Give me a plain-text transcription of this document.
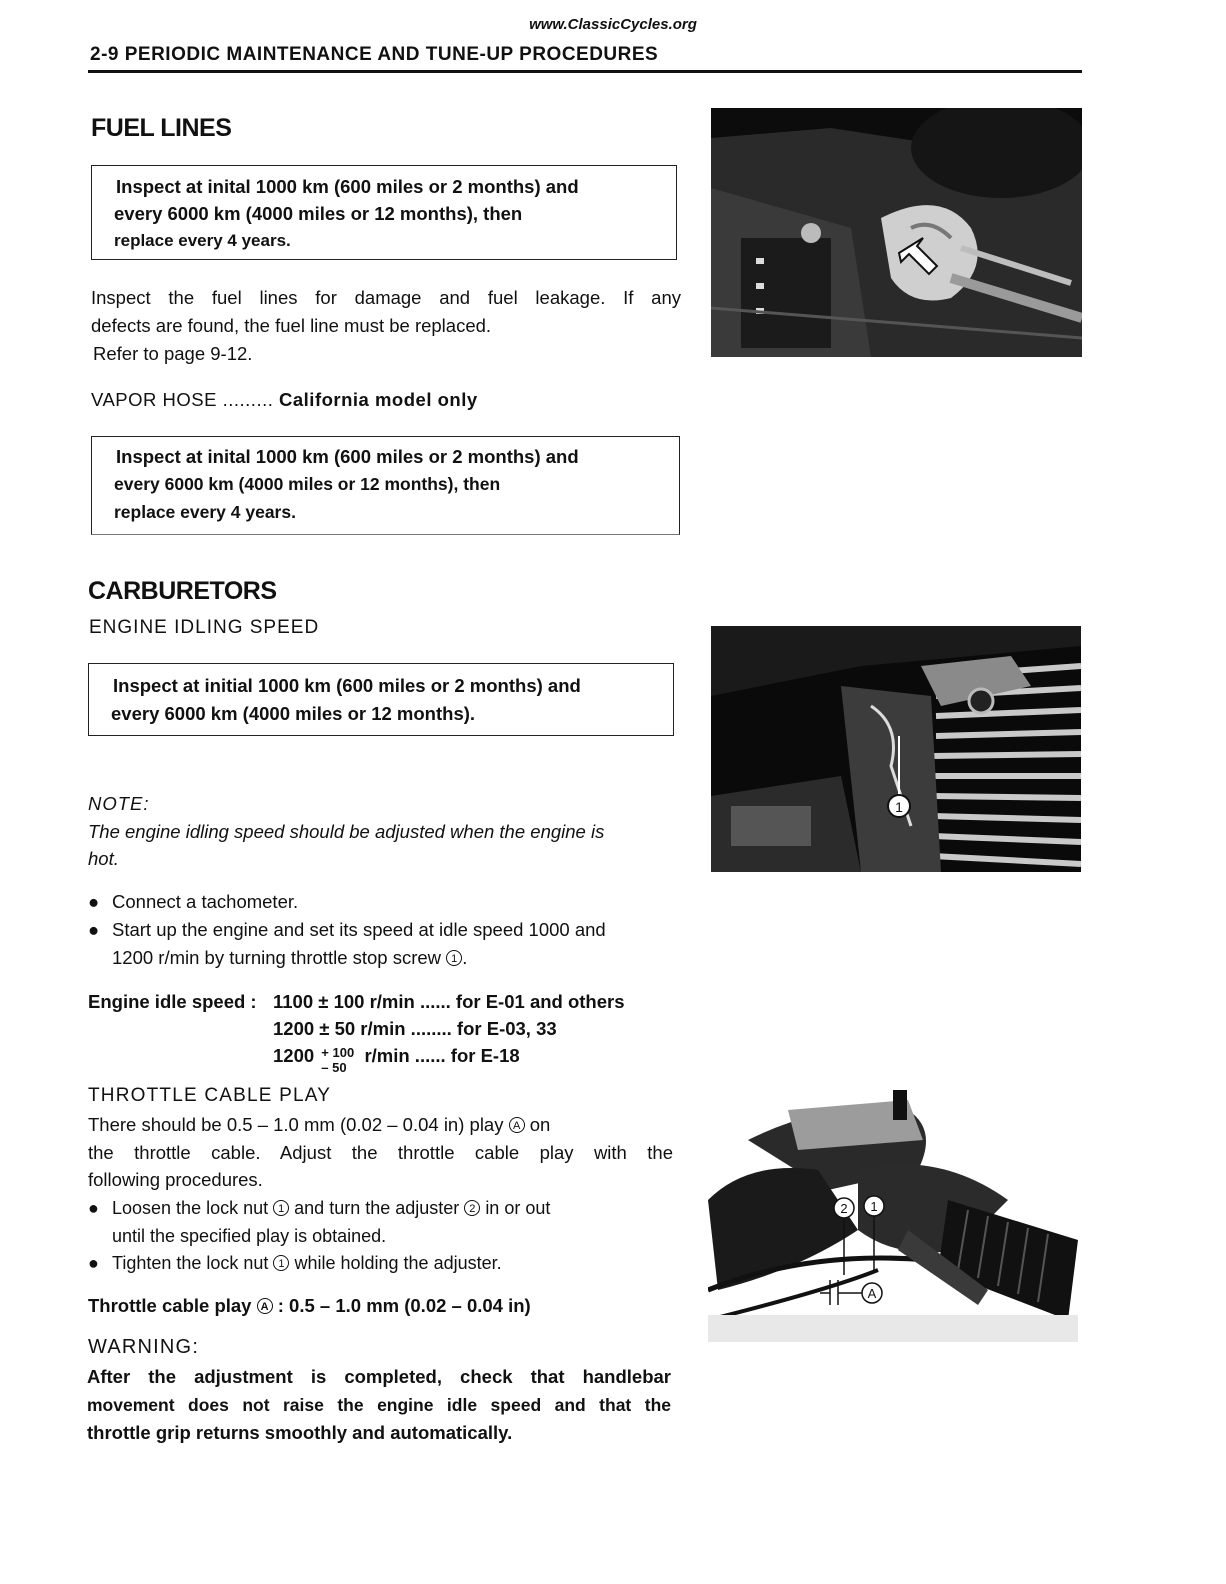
www.ClassicCycles.org
2-9 PERIODIC MAINTENANCE AND TUNE-UP PROCEDURES
FUEL LINES
Inspect at inital 1000 km (600 miles or 2 months) and
every 6000 km (4000 miles or 12 months), then
replace every 4 years.
Inspect the fuel lines for damage and fuel leakage. If any
defects are found, the fuel line must be replaced.
Refer to page 9-12.
VAPOR HOSE ......... California model only
Inspect at inital 1000 km (600 miles or 2 months) and
every 6000 km (4000 miles or 12 months), then
replace every 4 years.
CARBURETORS
ENGINE IDLING SPEED
Inspect at initial 1000 km (600 miles or 2 months) and
every 6000 km (4000 miles or 12 months).
NOTE:
The engine idling speed should be adjusted when the engine is
hot.
● Connect a tachometer.
● Start up the engine and set its speed at idle speed 1000 and
1200 r/min by turning throttle stop screw 1 .
Engine idle speed : 1100 ± 100 r/min ...... for E-01 and others
1200 ± 50 r/min ........ for E-03, 33
1200 + 100
– 50
r/min ...... for E-18
1
THROTTLE CABLE PLAY
There should be 0.5 – 1.0 mm (0.02 – 0.04 in) play A on
the throttle cable. Adjust the throttle cable play with the
following procedures.
● Loosen the lock nut 1 and turn the adjuster 2 in or out
until the specified play is obtained.
● Tighten the lock nut 1 while holding the adjuster.
Throttle cable play A : 0.5 – 1.0 mm (0.02 – 0.04 in)
WARNING:
After the adjustment is completed, check that handlebar
movement does not raise the engine idle speed and that the
throttle grip returns smoothly and automatically.
2 1
A
